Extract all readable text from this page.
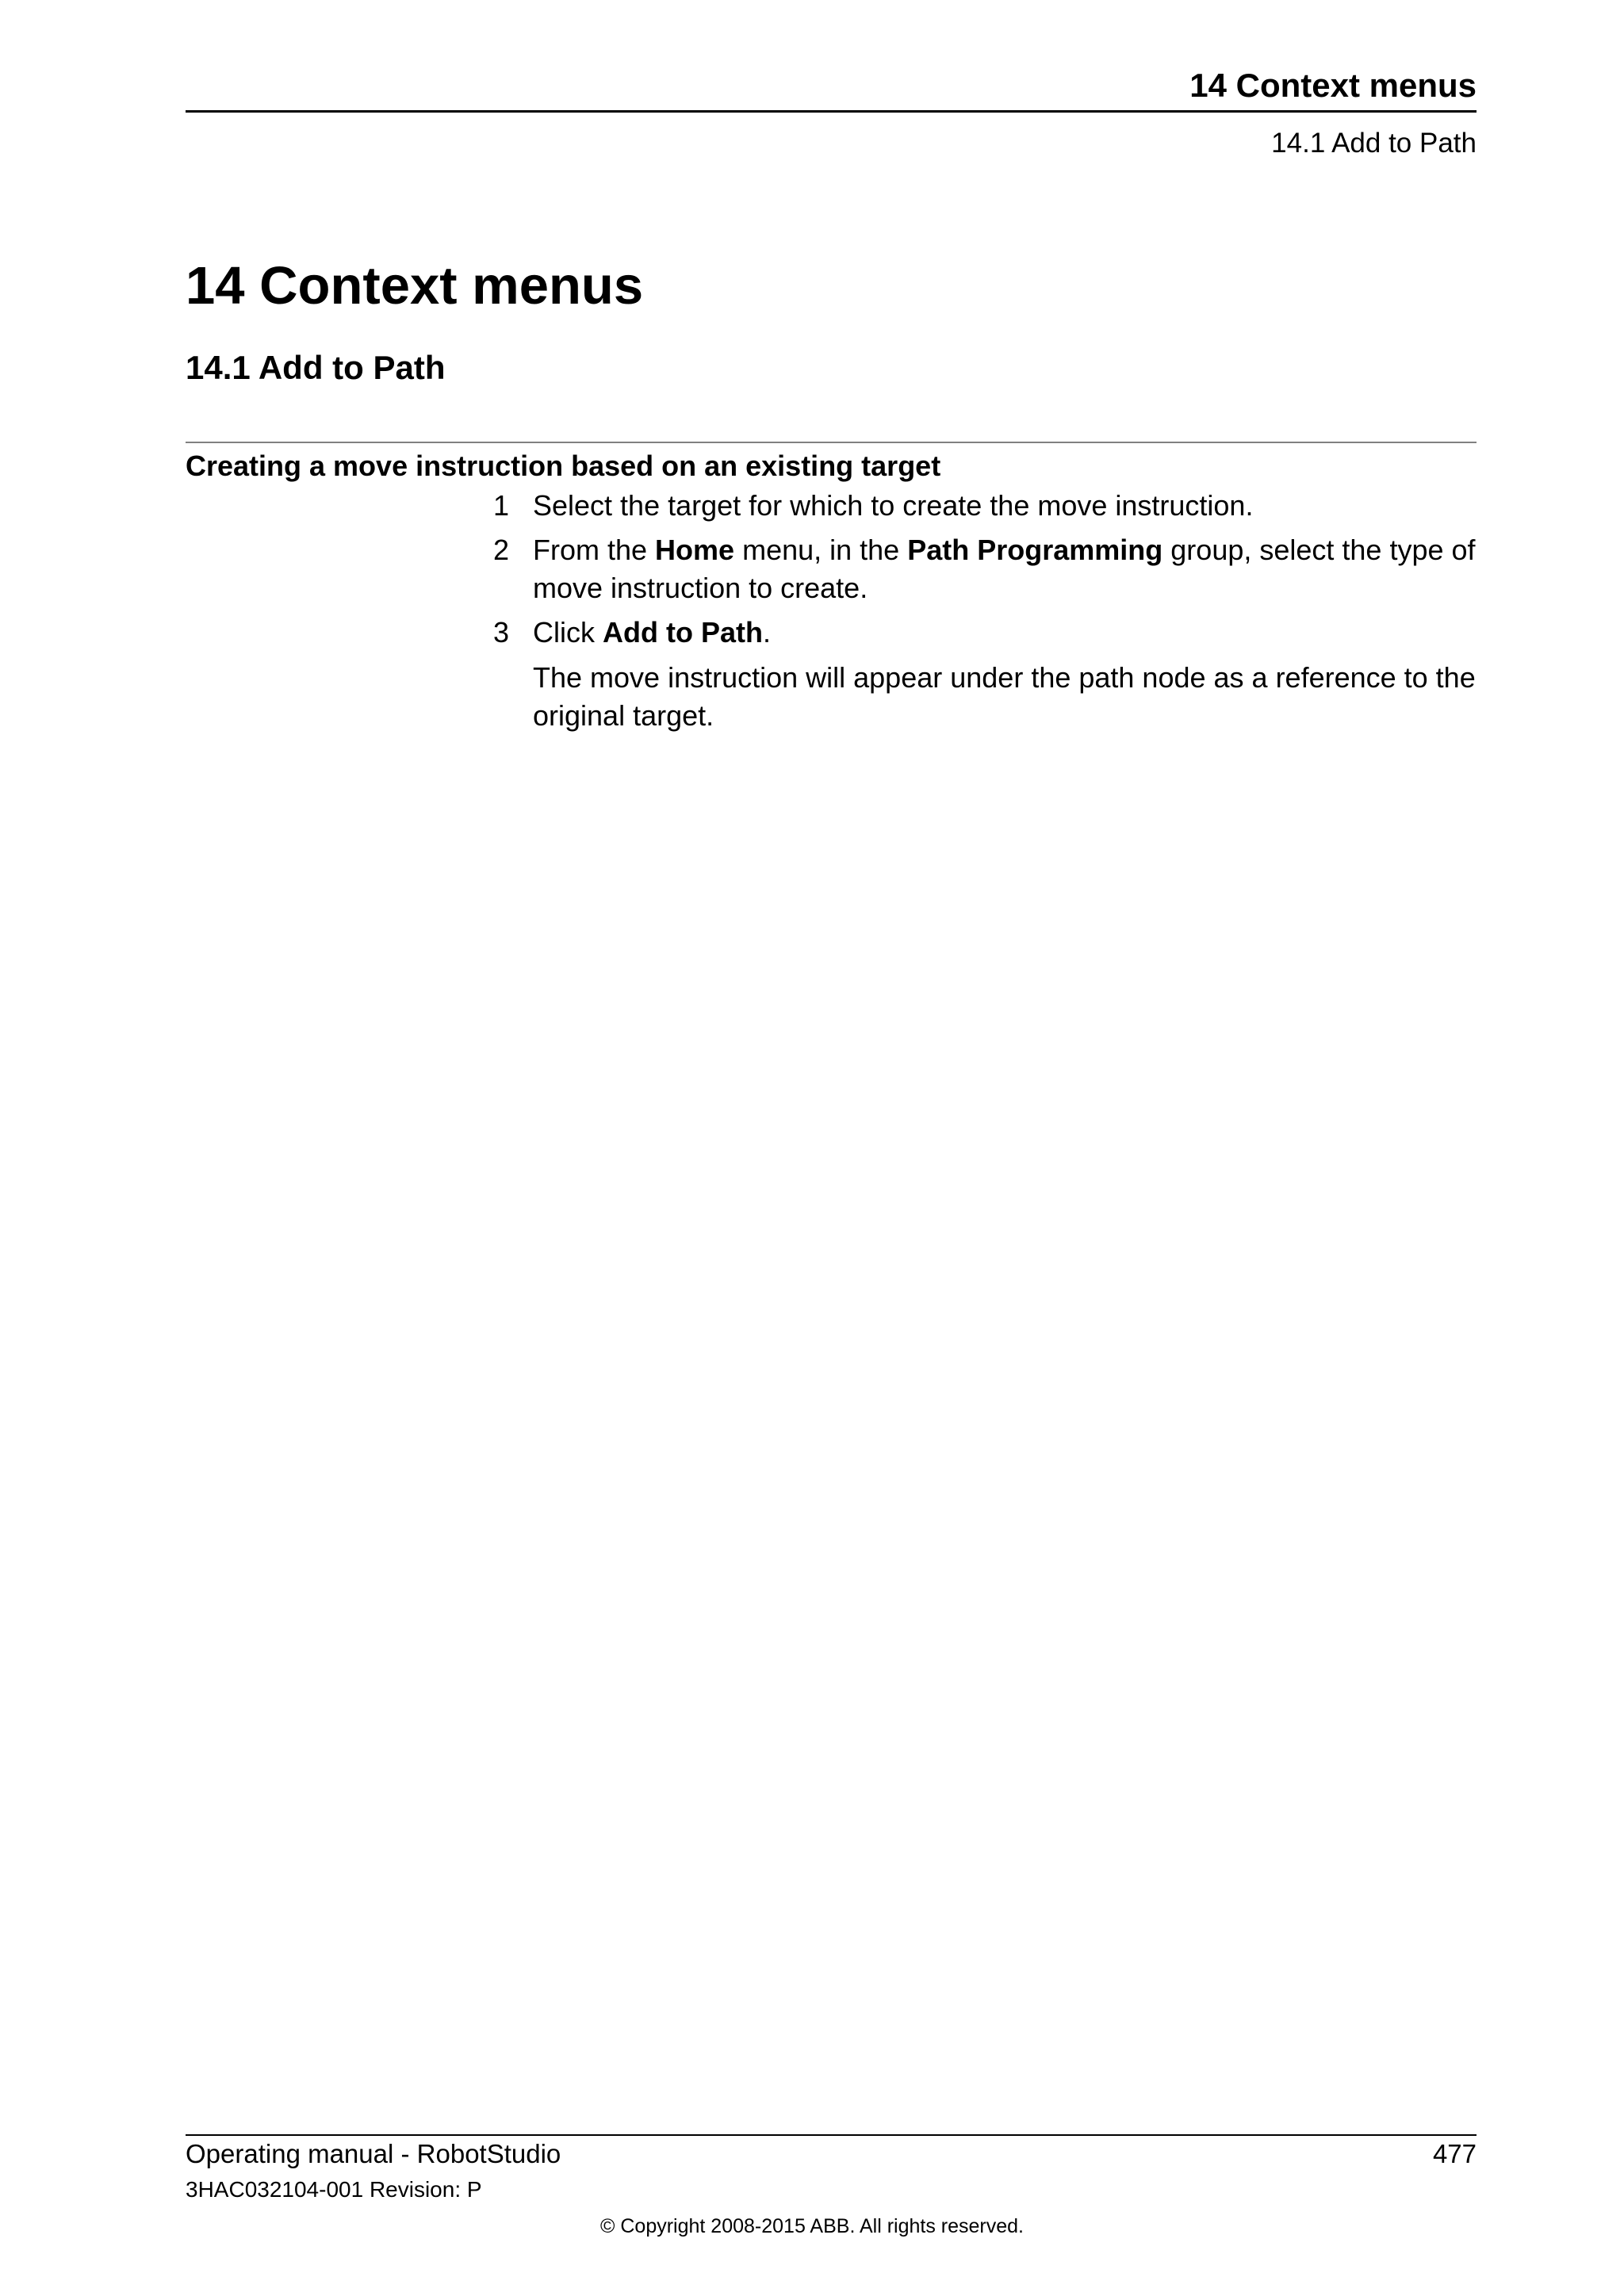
14 Context menus
14.1 Add to Path
14 Context menus
14.1 Add to Path
Creating a move instruction based on an existing target
1 Select the target for which to create the move instruction.
2 From the Home menu, in the Path Programming group, select the type of move instruction to create.
3 Click Add to Path.
The move instruction will appear under the path node as a reference to the original target.
Operating manual - RobotStudio	477
3HAC032104-001 Revision: P
© Copyright 2008-2015 ABB. All rights reserved.
